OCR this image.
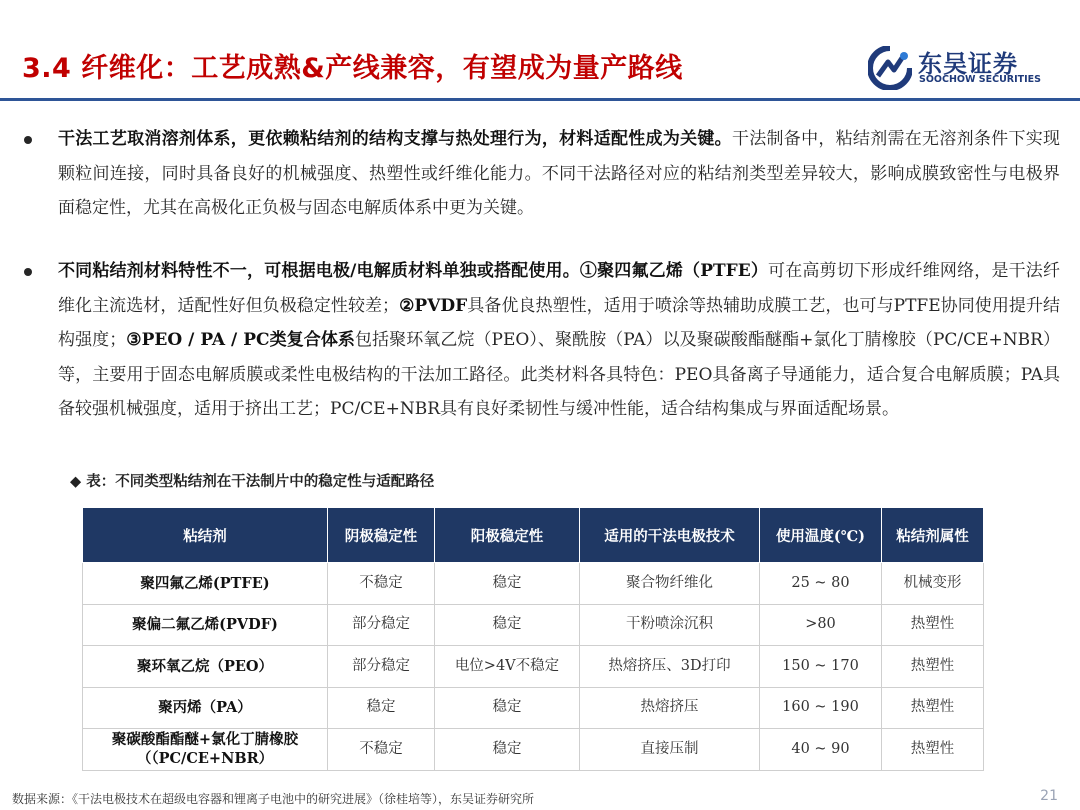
3.4 纤维化：工艺成熟&产线兼容，有望成为量产路线	东吴证券
SOOCHOW SECURITIES
干法工艺取消溶剂体系，更依赖粘结剂的结构支撑与热处理行为，材料适配性成为关键。干法制备中，粘结剂需在无溶剂条件下实现颗粒间连接，同时具备良好的机械强度、热塑性或纤维化能力。不同干法路径对应的粘结剂类型差异较大，影响成膜致密性与电极界面稳定性，尤其在高极化正负极与固态电解质体系中更为关键。
不同粘结剂材料特性不一，可根据电极/电解质材料单独或搭配使用。①聚四氟乙烯（PTFE）可在高剪切下形成纤维网络，是干法纤维化主流选材，适配性好但负极稳定性较差；②PVDF具备优良热塑性，适用于喷涂等热辅助成膜工艺，也可与PTFE协同使用提升结构强度；③PEO / PA / PC类复合体系包括聚环氧乙烷（PEO）、聚酰胺（PA）以及聚碳酸酯醚酯+氯化丁腈橡胶（PC/CE+NBR）等，主要用于固态电解质膜或柔性电极结构的干法加工路径。此类材料各具特色：PEO具备离子导通能力，适合复合电解质膜；PA具备较强机械强度，适用于挤出工艺；PC/CE+NBR具有良好柔韧性与缓冲性能，适合结构集成与界面适配场景。
◆ 表：不同类型粘结剂在干法制片中的稳定性与适配路径
粘结剂	阴极稳定性	阳极稳定性	适用的干法电极技术	使用温度(℃)	粘结剂属性
聚四氟乙烯(PTFE)	不稳定	稳定	聚合物纤维化	25 ~ 80	机械变形
聚偏二氟乙烯(PVDF)	部分稳定	稳定	干粉喷涂沉积	>80	热塑性
聚环氧乙烷（PEO）	部分稳定	电位>4V不稳定	热熔挤压、3D打印	150 ~ 170	热塑性
聚丙烯（PA）	稳定	稳定	热熔挤压	160 ~ 190	热塑性
聚碳酸酯酯醚+氯化丁腈橡胶（（PC/CE+NBR）	不稳定	稳定	直接压制	40 ~ 90	热塑性
数据来源：《干法电极技术在超级电容器和锂离子电池中的研究进展》（徐桂培等），东吴证券研究所	21
